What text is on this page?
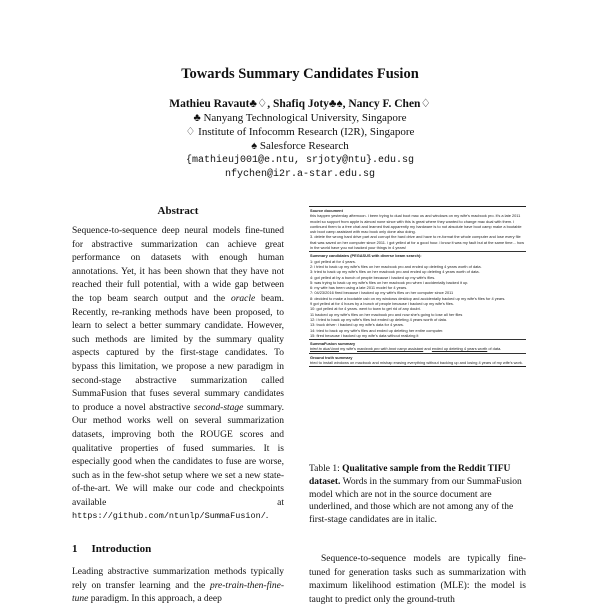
Towards Summary Candidates Fusion
Mathieu Ravaut♣♢, Shafiq Joty♣♠, Nancy F. Chen♢
♣ Nanyang Technological University, Singapore
♢ Institute of Infocomm Research (I2R), Singapore
♠ Salesforce Research
{mathieuj001@e.ntu, srjoty@ntu}.edu.sg
nfychen@i2r.a-star.edu.sg
Abstract
Sequence-to-sequence deep neural models fine-tuned for abstractive summarization can achieve great performance on datasets with enough human annotations. Yet, it has been shown that they have not reached their full potential, with a wide gap between the top beam search output and the oracle beam. Recently, re-ranking methods have been proposed, to learn to select a better summary candidate. However, such methods are limited by the summary quality aspects captured by the first-stage candidates. To bypass this limitation, we propose a new paradigm in second-stage abstractive summarization called SummaFusion that fuses several summary candidates to produce a novel abstractive second-stage summary. Our method works well on several summarization datasets, improving both the ROUGE scores and qualitative properties of fused summaries. It is especially good when the candidates to fuse are worse, such as in the few-shot setup where we set a new state-of-the-art. We will make our code and checkpoints available at https://github.com/ntunlp/SummaFusion/.
1 Introduction
Leading abstractive summarization methods typically rely on transfer learning and the pre-train-then-fine-tune paradigm. In this approach, a deep
Source document
this happen yesterday afternoon. i been trying to dual boot mac os and windows on my wife's macbook pro. it's a late 2011 model so support from apple is almost none since with this is great where they wanted to change mac dual with them. i continued them to a free chat and learned that apparently my hardware is to not absolute have boot camp make a bootable usb boot camp assistant with mac book only done also doing.
3. delete the wrong hard drive part and corrupt the hard drive and have to re-format the whole computer and lose every file that was saved on her computer since 2011. i got yelled at for a good hour. i know it was my fault but at the same time... how in the world have you not backed your things in 4 years!
Summary candidates (PEGASUS with diverse beam search):
1: got yelled at for 4 years.
2: i tried to back up my wife's files on her macbook pro and ended up deleting 4 years worth of data.
3: tried to back up my wife's files on her macbook pro and ended up deleting 4 years worth of data.
4: got yelled at by a bunch of people because i backed up my wife's files.
5: was trying to back up my wife's files on her macbook pro when i accidentally backed it up.
6: my wife has been using a late 2011 model for 4 years.
7: 04/23/2016 fired because i backed up my wife's files on her computer since 2011
8: decided to make a bootable usb on my windows desktop and accidentally backed up my wife's files for 4 years.
9 got yelled at for 4 hours by a bunch of people because i backed up my wife's files.
10: got yelled at for 4 years. went to town to get rid of any doubt.
11 backed up my wife's files on her macbook pro and now she's going to lose all her files
12: i tried to back up my wife's files but ended up deleting 4 years worth of data.
13: truck driver: i backed up my wife's data for 4 years.
14: tried to back up my wife's files and ended up deleting her entire computer.
15: fired because i backed up my wife's data without realizing it
SummaFusion summary
tried to dual boot my wife's macbook pro with boot camp assistant and ended up deleting 4 years worth of data.
Ground truth summary
tried to install windows on macbook and mishap erasing everything without backing up and losing 4 years of my wife's work.
Table 1: Qualitative sample from the Reddit TIFU dataset. Words in the summary from our SummaFusion model which are not in the source document are underlined, and those which are not among any of the first-stage candidates are in italic.
Sequence-to-sequence models are typically fine-tuned for generation tasks such as summarization with maximum likelihood estimation (MLE): the model is taught to predict only the ground-truth
